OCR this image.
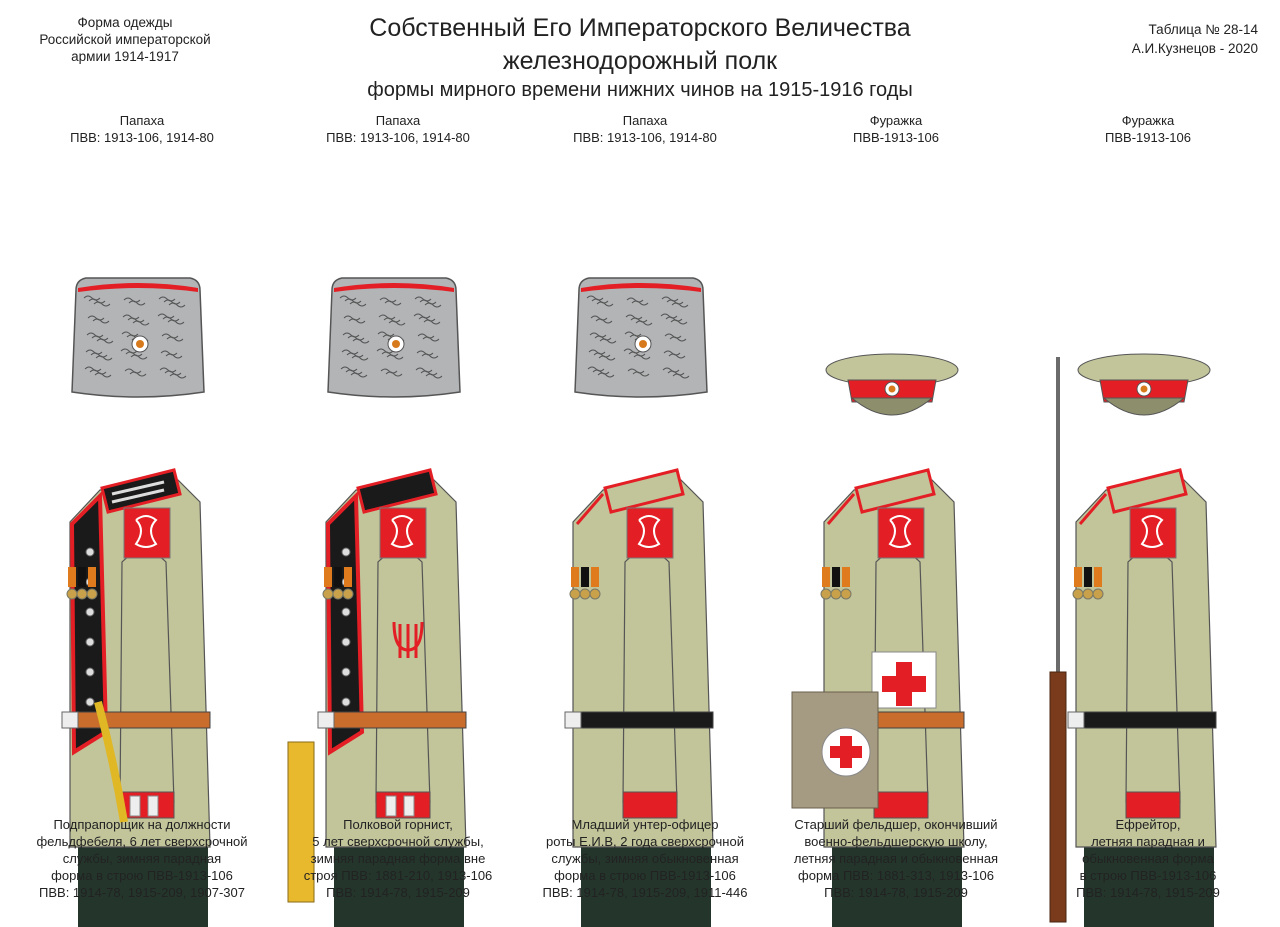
Форма одежды
Российской императорской
армии 1914-1917
Собственный Его Императорского Величества
железнодорожный полк
формы мирного времени нижних чинов на 1915-1916 годы
Таблица № 28-14
А.И.Кузнецов - 2020
Папаха
ПВВ: 1913-106, 1914-80
Папаха
ПВВ: 1913-106, 1914-80
Папаха
ПВВ: 1913-106, 1914-80
Фуражка
ПВВ-1913-106
Фуражка
ПВВ-1913-106
Подпрапорщик на должности
фельдфебеля, 6 лет сверхсрочной
службы, зимняя парадная
форма в строю ПВВ-1913-106
ПВВ: 1914-78, 1915-209, 1907-307
Полковой горнист,
5 лет сверхсрочной службы,
зимняя парадная форма вне
строя ПВВ: 1881-210, 1913-106
ПВВ: 1914-78, 1915-209
Младший унтер-офицер
роты Е.И.В, 2 года сверхсрочной
службы, зимняя обыкновенная
форма в строю ПВВ-1913-106
ПВВ: 1914-78, 1915-209, 1911-446
Старший фельдшер, окончивший
военно-фельдшерскую школу,
летняя парадная и обыкновенная
форма ПВВ: 1881-313, 1913-106
ПВВ: 1914-78, 1915-209
Ефрейтор,
летняя парадная и
обыкновенная форма
в строю ПВВ-1913-106
ПВВ: 1914-78, 1915-209
